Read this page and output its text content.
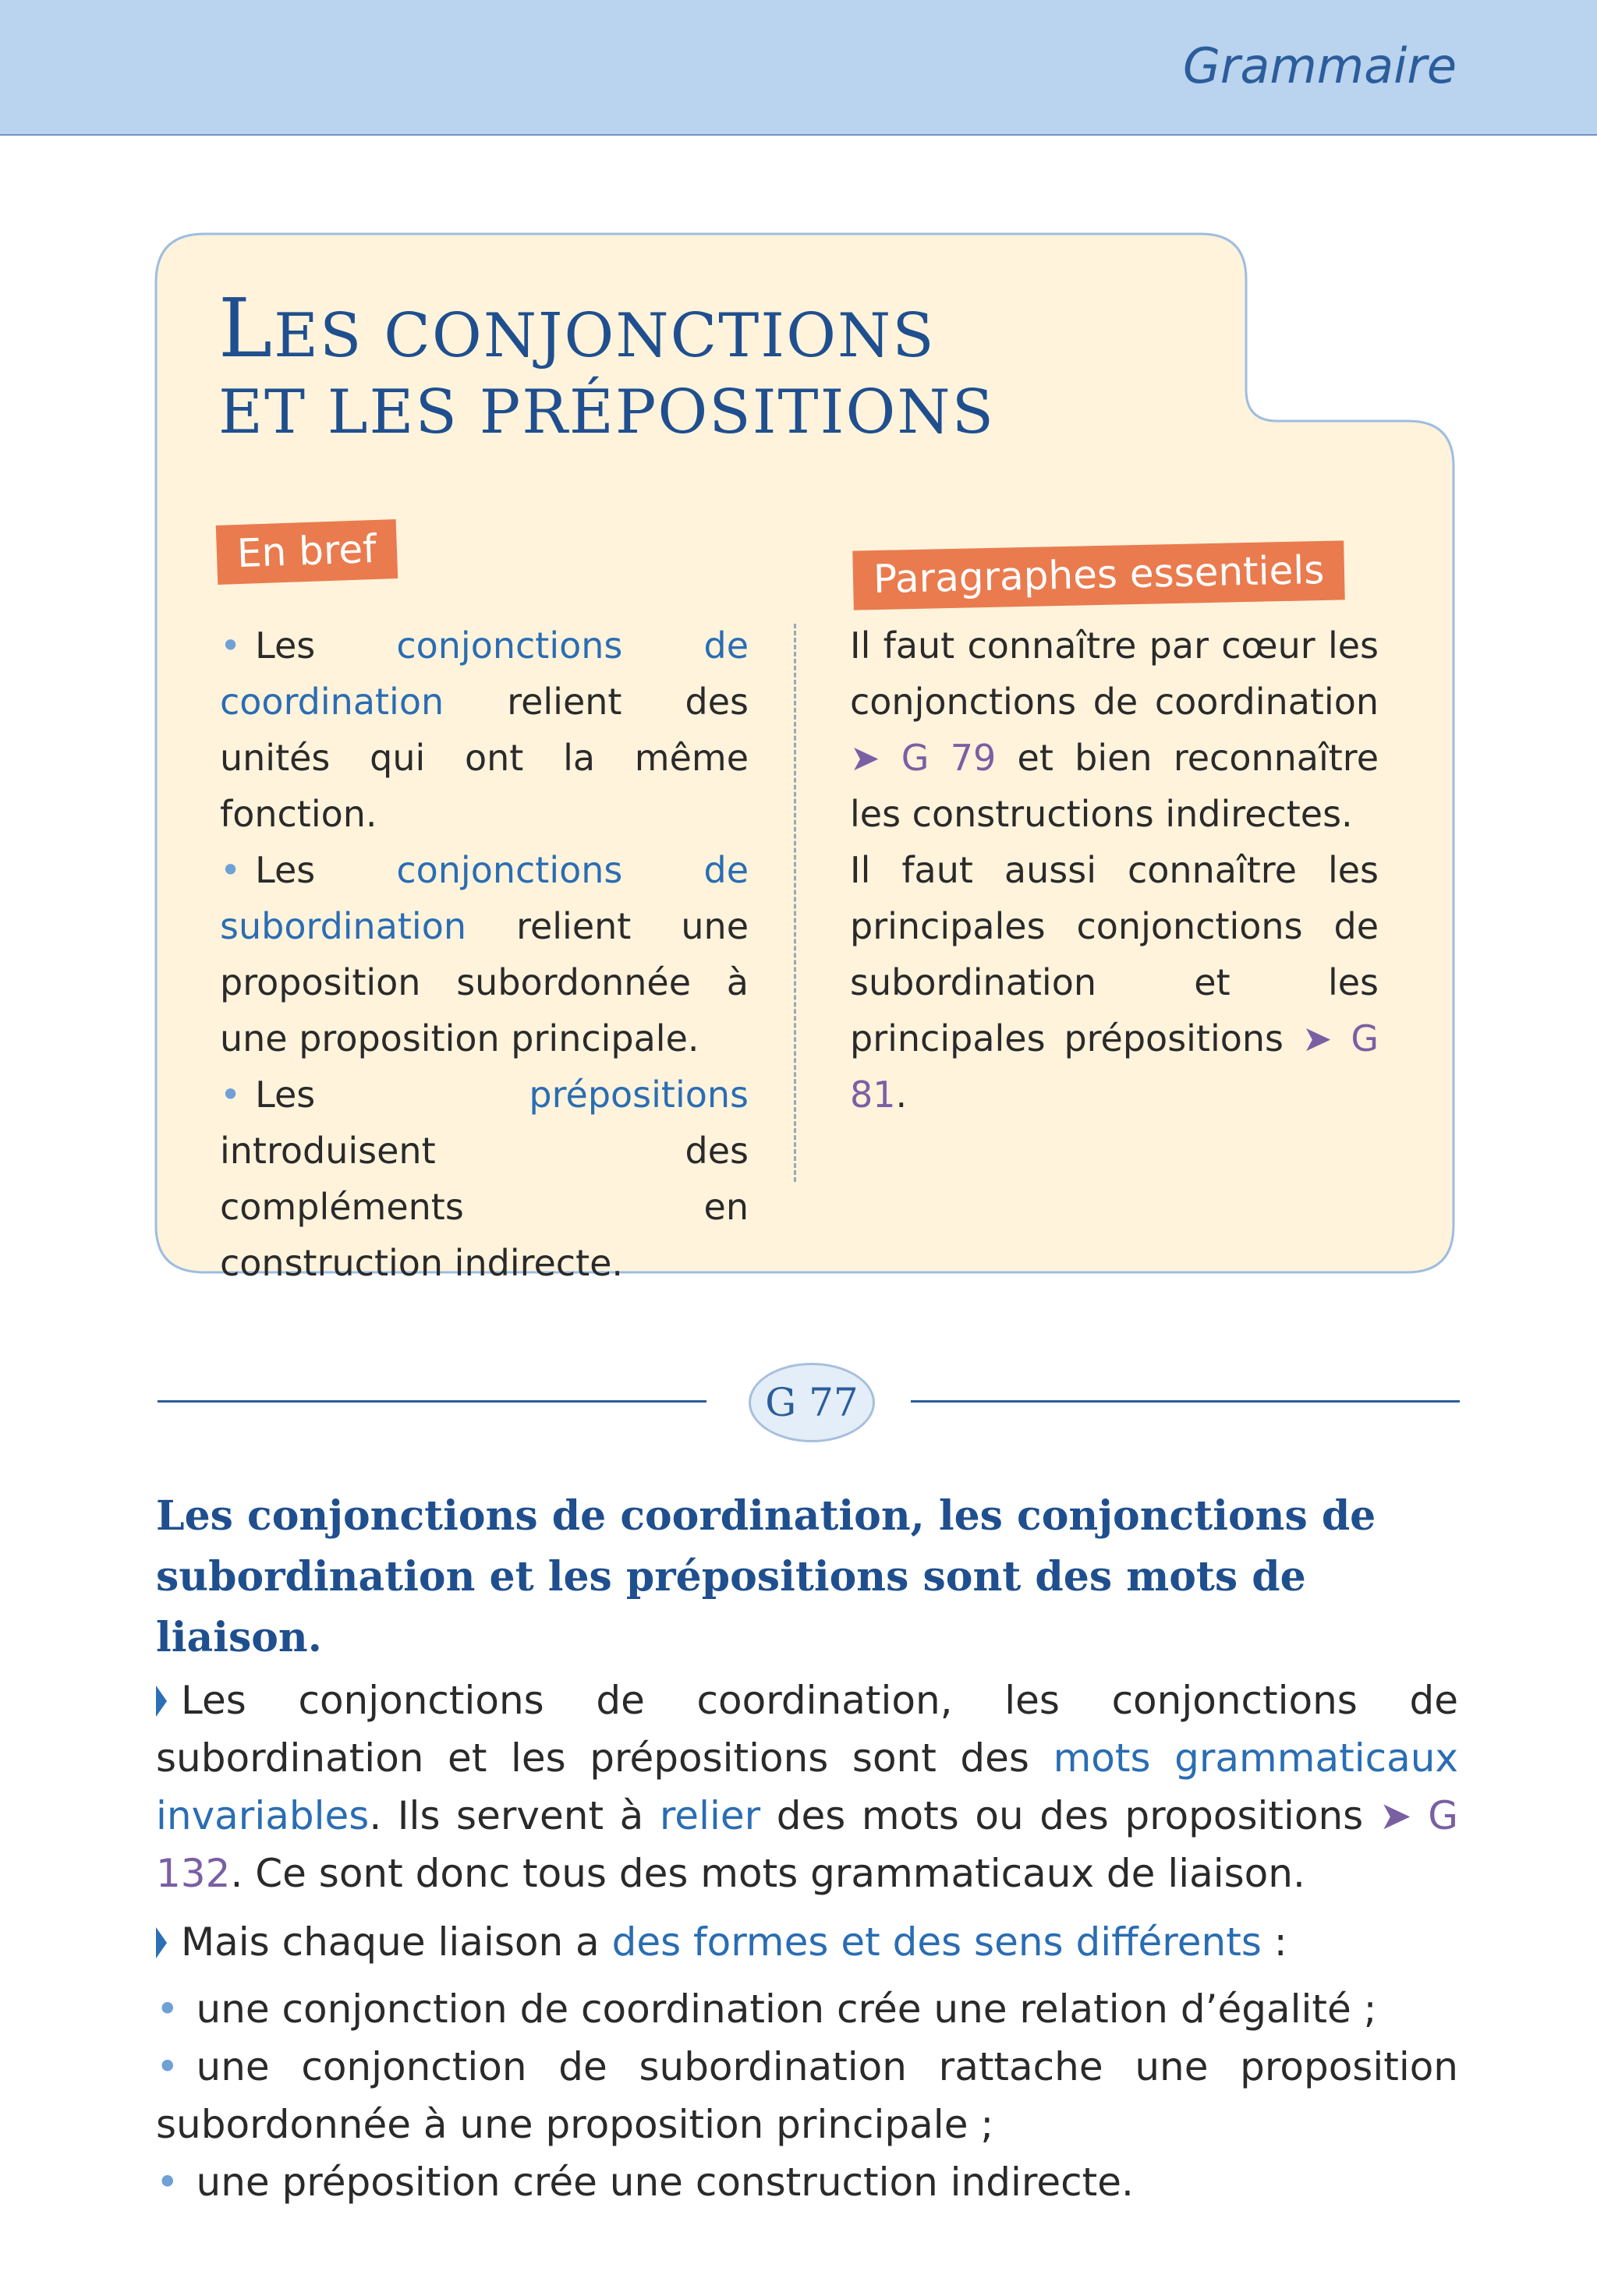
Grammaire
LES CONJONCTIONS
ET LES PRÉPOSITIONS
En bref	Paragraphes essentiels
• Les conjonctions de coordination relient des unités qui ont la même fonction.
• Les conjonctions de subordination relient une proposition subordonnée à une proposition principale.
• Les prépositions introduisent des compléments en construction indirecte.
Il faut connaître par cœur les conjonctions de coordination ➤ G 79 et bien reconnaître les constructions indirectes.
Il faut aussi connaître les principales conjonctions de subordination et les principales prépositions ➤ G 81.
G 77
Les conjonctions de coordination, les conjonctions de subordination et les prépositions sont des mots de liaison.
Les conjonctions de coordination, les conjonctions de subordination et les prépositions sont des mots grammaticaux invariables. Ils servent à relier des mots ou des propositions ➤ G 132. Ce sont donc tous des mots grammaticaux de liaison.
Mais chaque liaison a des formes et des sens différents :
• une conjonction de coordination crée une relation d’égalité ;
• une conjonction de subordination rattache une proposition subordonnée à une proposition principale ;
• une préposition crée une construction indirecte.
